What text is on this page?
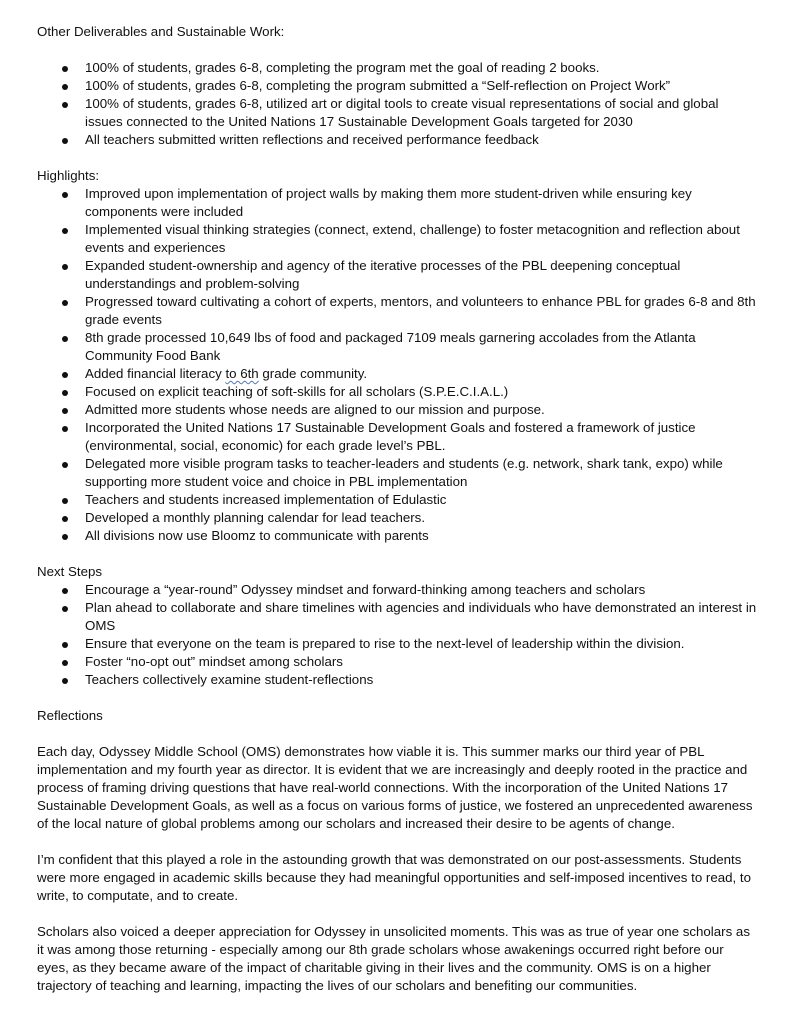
Other Deliverables and Sustainable Work:

100% of students, grades 6-8, completing the program met the goal of reading 2 books.
100% of students, grades 6-8, completing the program submitted a “Self-reflection on Project Work”
100% of students, grades 6-8, utilized art or digital tools to create visual representations of social and global issues connected to the United Nations 17 Sustainable Development Goals targeted for 2030
All teachers submitted written reflections and received performance feedback

Highlights:

Improved upon implementation of project walls by making them more student-driven while ensuring key components were included
Implemented visual thinking strategies (connect, extend, challenge) to foster metacognition and reflection about events and experiences
Expanded student-ownership and agency of the iterative processes of the PBL deepening conceptual understandings and problem-solving
Progressed toward cultivating a cohort of experts, mentors, and volunteers to enhance PBL for grades 6-8 and 8th grade events
8th grade processed 10,649 lbs of food and packaged 7109 meals garnering accolades from the Atlanta Community Food Bank
Added financial literacy to 6th grade community.
Focused on explicit teaching of soft-skills for all scholars (S.P.E.C.I.A.L.)
Admitted more students whose needs are aligned to our mission and purpose.
Incorporated the United Nations 17 Sustainable Development Goals and fostered a framework of justice (environmental, social, economic) for each grade level’s PBL.
Delegated more visible program tasks to teacher-leaders and students (e.g. network, shark tank, expo) while supporting more student voice and choice in PBL implementation
Teachers and students increased implementation of Edulastic
Developed a monthly planning calendar for lead teachers.
All divisions now use Bloomz to communicate with parents

Next Steps

Encourage a “year-round” Odyssey mindset and forward-thinking among teachers and scholars
Plan ahead to collaborate and share timelines with agencies and individuals who have demonstrated an interest in OMS
Ensure that everyone on the team is prepared to rise to the next-level of leadership within the division.
Foster “no-opt out” mindset among scholars
Teachers collectively examine student-reflections

Reflections

Each day, Odyssey Middle School (OMS) demonstrates how viable it is. This summer marks our third year of PBL implementation and my fourth year as director. It is evident that we are increasingly and deeply rooted in the practice and process of framing driving questions that have real-world connections. With the incorporation of the United Nations 17 Sustainable Development Goals, as well as a focus on various forms of justice, we fostered an unprecedented awareness of the local nature of global problems among our scholars and increased their desire to be agents of change.

I’m confident that this played a role in the astounding growth that was demonstrated on our post-assessments. Students were more engaged in academic skills because they had meaningful opportunities and self-imposed incentives to read, to write, to computate, and to create.

Scholars also voiced a deeper appreciation for Odyssey in unsolicited moments. This was as true of year one scholars as it was among those returning - especially among our 8th grade scholars whose awakenings occurred right before our eyes, as they became aware of the impact of charitable giving in their lives and the community. OMS is on a higher trajectory of teaching and learning, impacting the lives of our scholars and benefiting our communities.
